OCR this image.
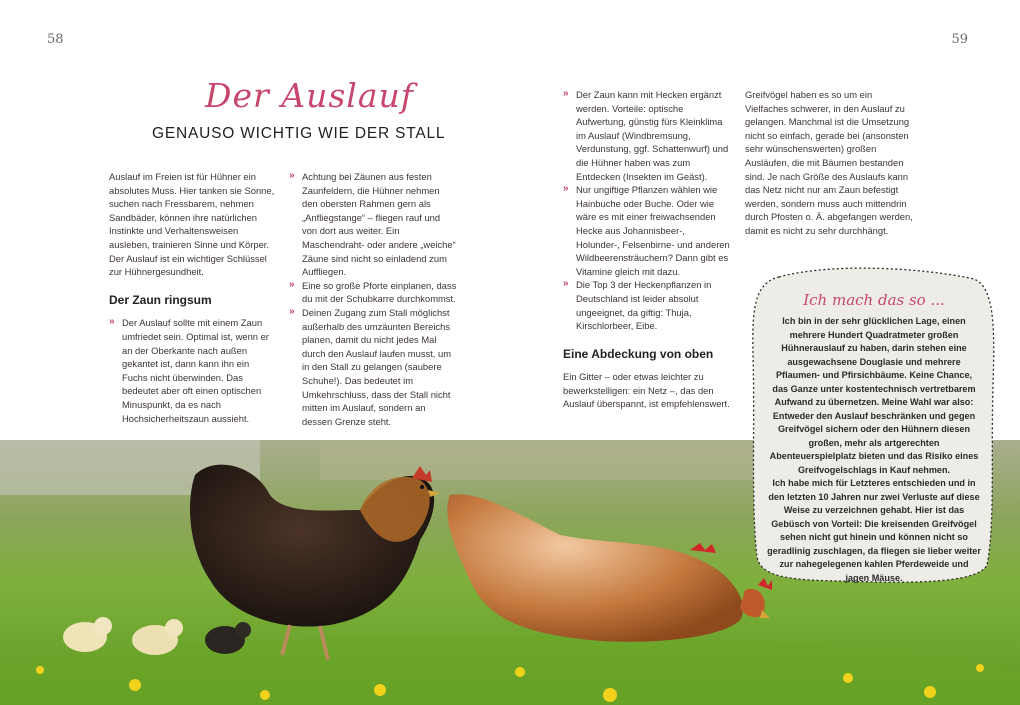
58	59
Der Auslauf
GENAUSO WICHTIG WIE DER STALL

Auslauf im Freien ist für Hühner ein absolutes Muss. Hier tanken sie Sonne, suchen nach Fressbarem, nehmen Sandbäder, können ihre natürlichen Instinkte und Verhaltensweisen ausleben, trainieren Sinne und Körper. Der Auslauf ist ein wichtiger Schlüssel zur Hühnergesundheit.

Der Zaun ringsum

» Der Auslauf sollte mit einem Zaun umfriedet sein. Optimal ist, wenn er an der Oberkante nach außen gekantet ist, dann kann ihn ein Fuchs nicht überwinden. Das bedeutet aber oft einen optischen Minuspunkt, da es nach Hochsicherheitszaun aussieht.

» Achtung bei Zäunen aus festen Zaunfeldern, die Hühner nehmen den obersten Rahmen gern als „Anfliegstange“ – fliegen rauf und von dort aus weiter. Ein Maschendraht- oder andere „weiche“ Zäune sind nicht so einladend zum Auffliegen.

» Eine so große Pforte einplanen, dass du mit der Schubkarre durchkommst.

» Deinen Zugang zum Stall möglichst außerhalb des umzäunten Bereichs planen, damit du nicht jedes Mal durch den Auslauf laufen musst, um in den Stall zu gelangen (saubere Schuhe!). Das bedeutet im Umkehrschluss, dass der Stall nicht mitten im Auslauf, sondern an dessen Grenze steht.

» Der Zaun kann mit Hecken ergänzt werden. Vorteile: optische Aufwertung, günstig fürs Kleinklima im Auslauf (Windbremsung, Verdunstung, ggf. Schattenwurf) und die Hühner haben was zum Entdecken (Insekten im Geäst).

» Nur ungiftige Pflanzen wählen wie Hainbuche oder Buche. Oder wie wäre es mit einer freiwachsenden Hecke aus Johannisbeer-, Holunder-, Felsenbirne- und anderen Wildbeerensträuchern? Dann gibt es Vitamine gleich mit dazu.

» Die Top 3 der Heckenpflanzen in Deutschland ist leider absolut ungeeignet, da giftig: Thuja, Kirschlorbeer, Eibe.

Eine Abdeckung von oben

Ein Gitter – oder etwas leichter zu bewerkstelligen: ein Netz –, das den Auslauf überspannt, ist empfehlenswert.

Greifvögel haben es so um ein Vielfaches schwerer, in den Auslauf zu gelangen. Manchmal ist die Umsetzung nicht so einfach, gerade bei (ansonsten sehr wünschenswerten) großen Ausläufen, die mit Bäumen bestanden sind. Je nach Größe des Auslaufs kann das Netz nicht nur am Zaun befestigt werden, sondern muss auch mittendrin durch Pfosten o. Ä. abgefangen werden, damit es nicht zu sehr durchhängt.

Ich mach das so ...
Ich bin in der sehr glücklichen Lage, einen mehrere Hundert Quadratmeter großen Hühnerauslauf zu haben, darin stehen eine ausgewachsene Douglasie und mehrere Pflaumen- und Pfirsichbäume. Keine Chance, das Ganze unter kostentechnisch vertretbarem Aufwand zu übernetzen. Meine Wahl war also: Entweder den Auslauf beschränken und gegen Greifvögel sichern oder den Hühnern diesen großen, mehr als artgerechten Abenteuerspielplatz bieten und das Risiko eines Greifvogelschlags in Kauf nehmen.
Ich habe mich für Letzteres entschieden und in den letzten 10 Jahren nur zwei Verluste auf diese Weise zu verzeichnen gehabt. Hier ist das Gebüsch von Vorteil: Die kreisenden Greifvögel sehen nicht gut hinein und können nicht so geradlinig zuschlagen, da fliegen sie lieber weiter zur nahegelegenen kahlen Pferdeweide und jagen Mäuse.
